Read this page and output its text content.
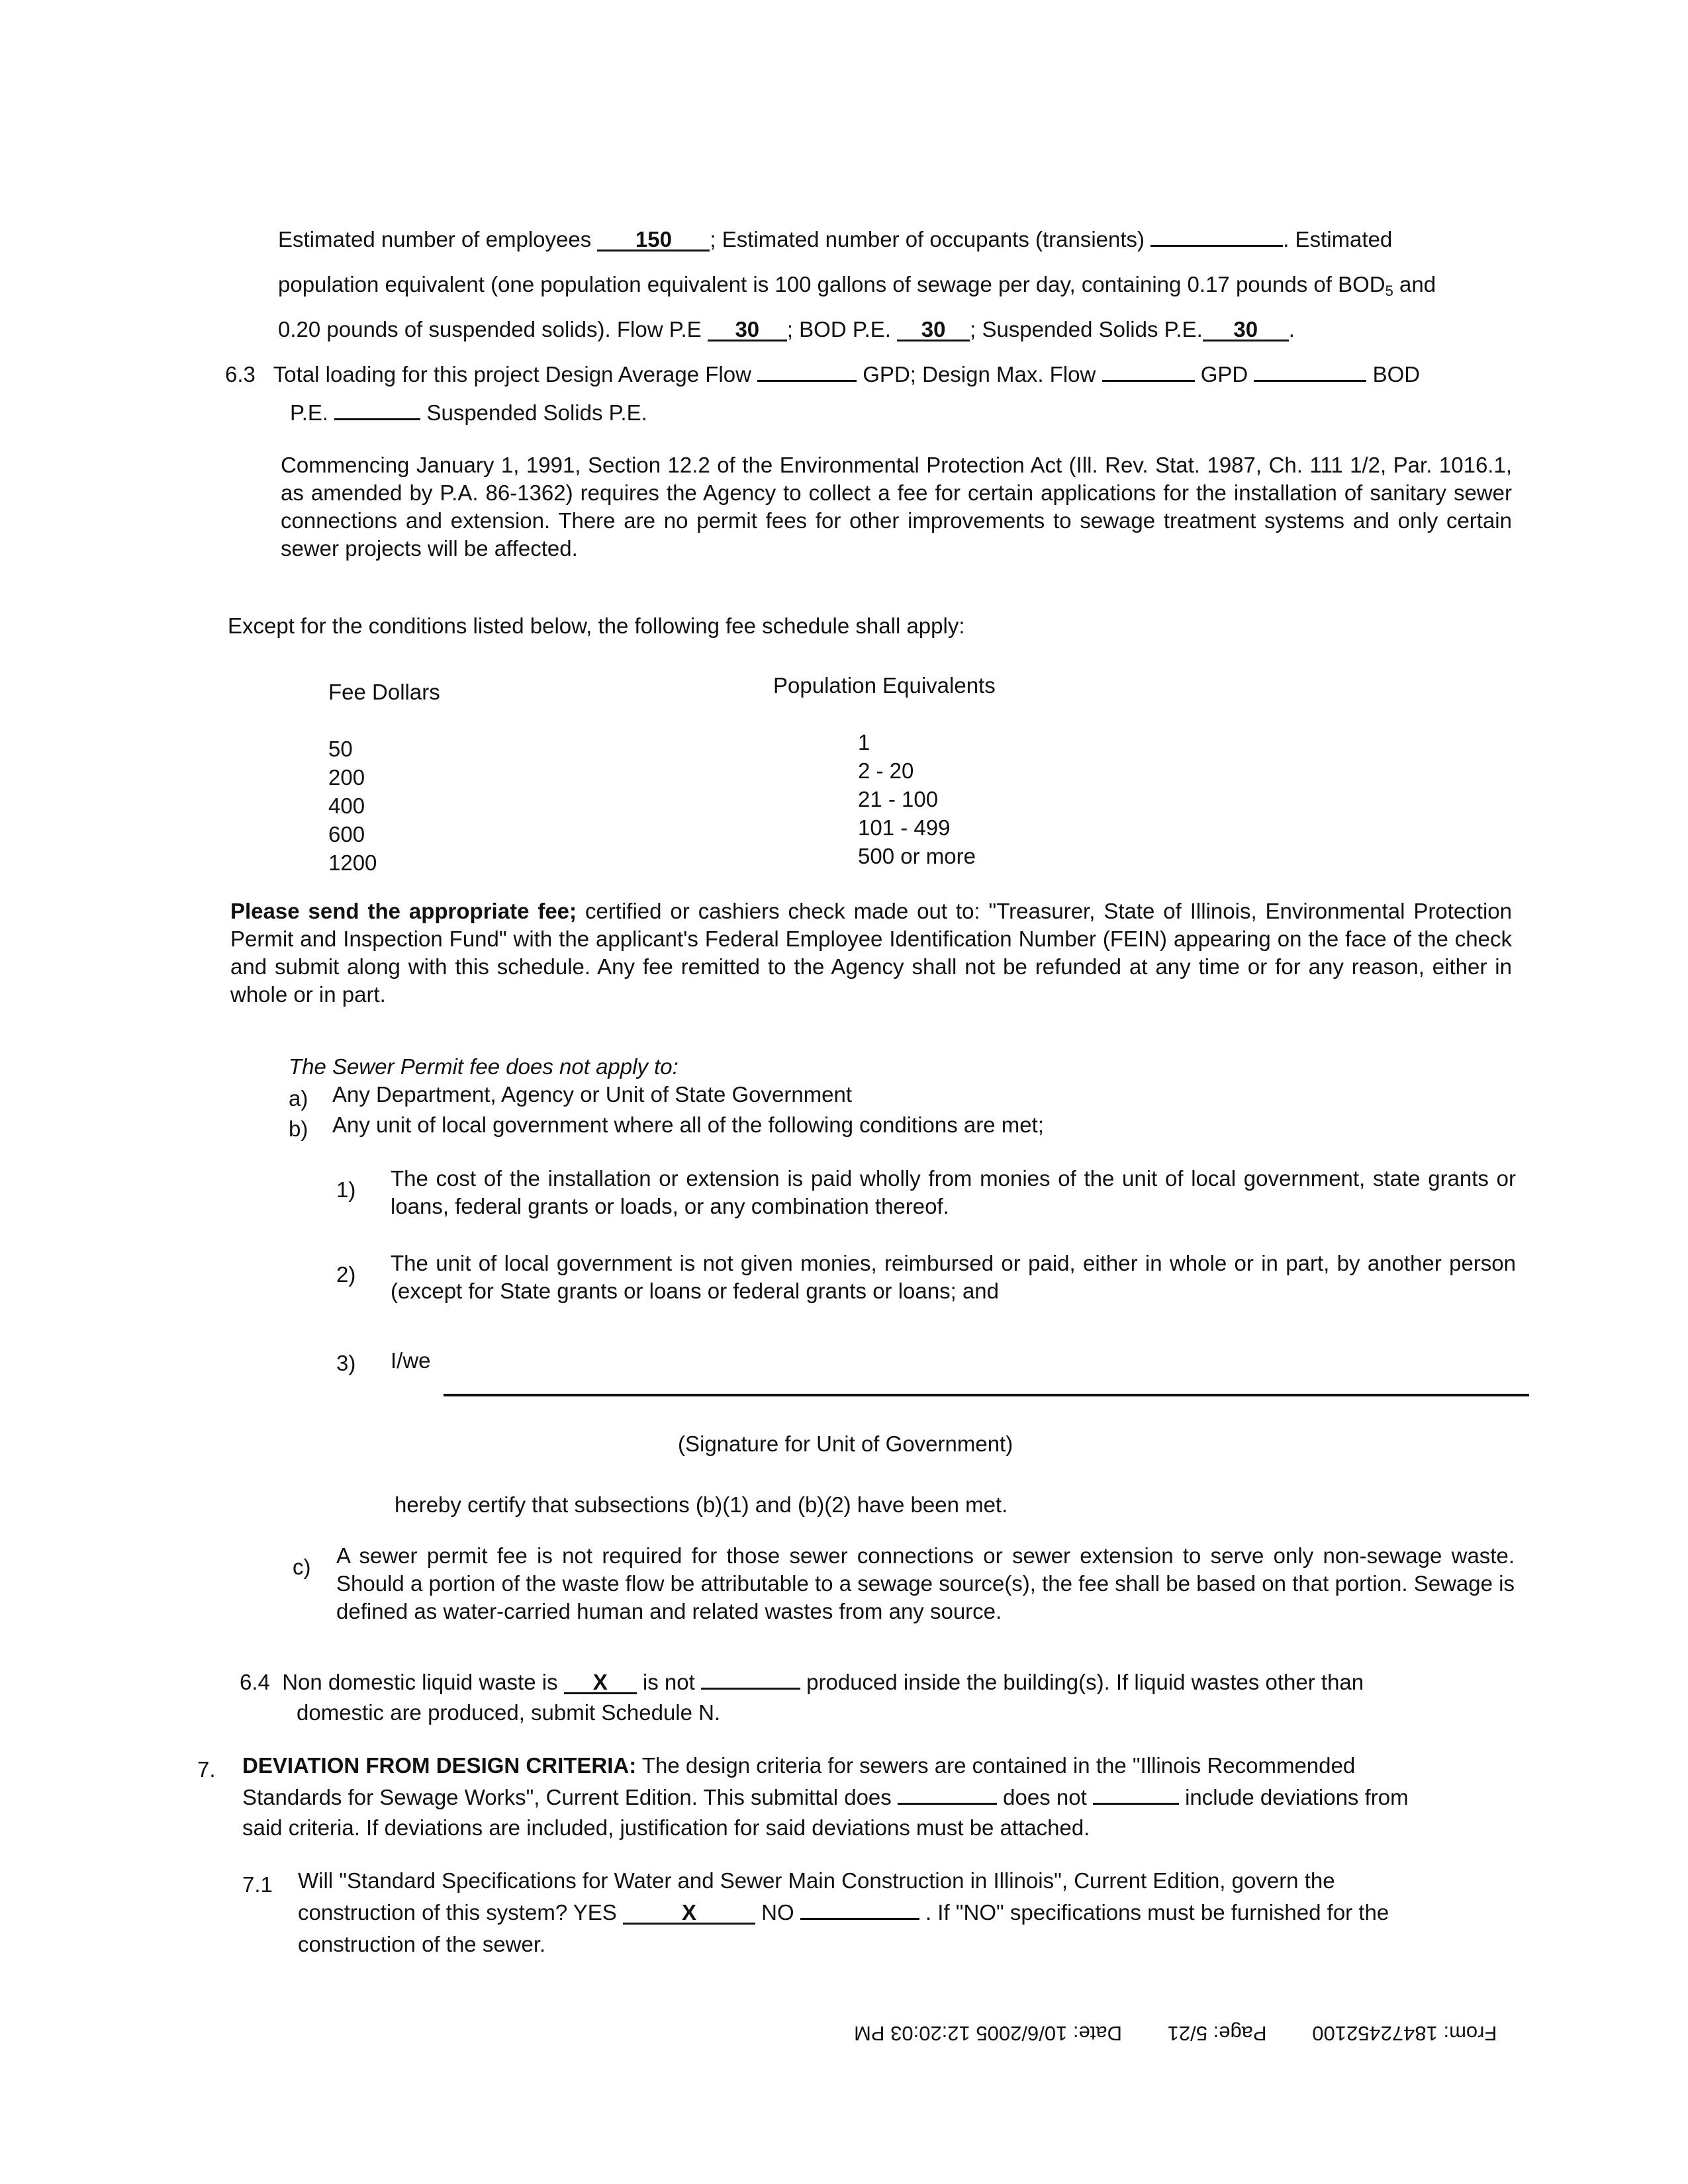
Estimated number of employees 150 ; Estimated number of occupants (transients)	. Estimated
population equivalent (one population equivalent is 100 gallons of sewage per day, containing 0.17 pounds of $BOD_5$ and
0.20 pounds of suspended solids). Flow P.E 30 ; BOD P.E. 30 ; Suspended Solids P.E. 30 .
6.3 Total loading for this project Design Average Flow	GPD; Design Max. Flow	GPD	BOD
P.E.	Suspended Solids P.E.
Commencing January 1, 1991, Section 12.2 of the Environmental Protection Act (Ill. Rev. Stat. 1987, Ch. 111 1/2, Par. 1016.1, as amended by P.A. 86-1362) requires the Agency to collect a fee for certain applications for the installation of sanitary sewer connections and extension. There are no permit fees for other improvements to sewage treatment systems and only certain sewer projects will be affected.
Except for the conditions listed below, the following fee schedule shall apply:
Fee Dollars	Population Equivalents
50	1
200	2 - 20
400	21 - 100
600	101 - 499
1200	500 or more
Please send the appropriate fee; certified or cashiers check made out to: "Treasurer, State of Illinois, Environmental Protection Permit and Inspection Fund" with the applicant's Federal Employee Identification Number (FEIN) appearing on the face of the check and submit along with this schedule. Any fee remitted to the Agency shall not be refunded at any time or for any reason, either in whole or in part.
The Sewer Permit fee does not apply to:
a) Any Department, Agency or Unit of State Government
b) Any unit of local government where all of the following conditions are met;
1) The cost of the installation or extension is paid wholly from monies of the unit of local government, state grants or loans, federal grants or loads, or any combination thereof.
2) The unit of local government is not given monies, reimbursed or paid, either in whole or in part, by another person (except for State grants or loans or federal grants or loans; and
3) I/we
(Signature for Unit of Government)
hereby certify that subsections (b)(1) and (b)(2) have been met.
c) A sewer permit fee is not required for those sewer connections or sewer extension to serve only non-sewage waste. Should a portion of the waste flow be attributable to a sewage source(s), the fee shall be based on that portion. Sewage is defined as water-carried human and related wastes from any source.
6.4 Non domestic liquid waste is X is not	produced inside the building(s). If liquid wastes other than
domestic are produced, submit Schedule N.
7. DEVIATION FROM DESIGN CRITERIA: The design criteria for sewers are contained in the "Illinois Recommended
Standards for Sewage Works", Current Edition. This submittal does	does not	include deviations from
said criteria. If deviations are included, justification for said deviations must be attached.
7.1 Will "Standard Specifications for Water and Sewer Main Construction in Illinois", Current Edition, govern the
construction of this system? YES	X	NO	. If "NO" specifications must be furnished for the
construction of the sewer.
From: 18472452100 Page: 5/21 Date: 10/6/2005 12:20:03 PM
